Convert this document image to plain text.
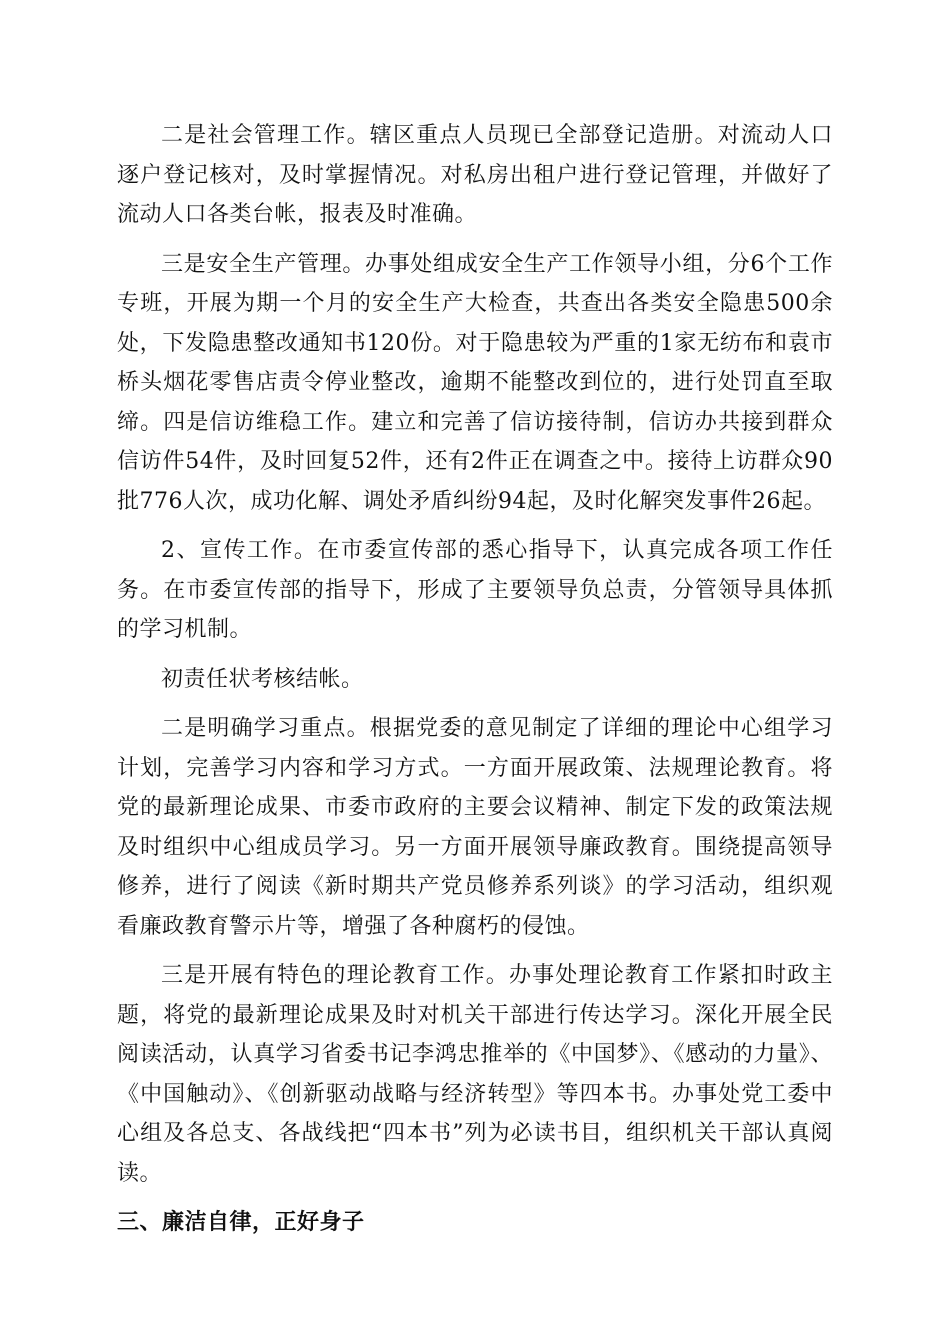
二是社会管理工作。辖区重点人员现已全部登记造册。对流动人口逐户登记核对，及时掌握情况。对私房出租户进行登记管理，并做好了流动人口各类台帐，报表及时准确。

三是安全生产管理。办事处组成安全生产工作领导小组，分6个工作专班，开展为期一个月的安全生产大检查，共查出各类安全隐患500余处，下发隐患整改通知书120份。对于隐患较为严重的1家无纺布和袁市桥头烟花零售店责令停业整改，逾期不能整改到位的，进行处罚直至取缔。四是信访维稳工作。建立和完善了信访接待制，信访办共接到群众信访件54件，及时回复52件，还有2件正在调查之中。接待上访群众90批776人次，成功化解、调处矛盾纠纷94起，及时化解突发事件26起。

2、宣传工作。在市委宣传部的悉心指导下，认真完成各项工作任务。在市委宣传部的指导下，形成了主要领导负总责，分管领导具体抓的学习机制。

初责任状考核结帐。

二是明确学习重点。根据党委的意见制定了详细的理论中心组学习计划，完善学习内容和学习方式。一方面开展政策、法规理论教育。将党的最新理论成果、市委市政府的主要会议精神、制定下发的政策法规及时组织中心组成员学习。另一方面开展领导廉政教育。围绕提高领导修养，进行了阅读《新时期共产党员修养系列谈》的学习活动，组织观看廉政教育警示片等，增强了各种腐朽的侵蚀。

三是开展有特色的理论教育工作。办事处理论教育工作紧扣时政主题，将党的最新理论成果及时对机关干部进行传达学习。深化开展全民阅读活动，认真学习省委书记李鸿忠推举的《中国梦》、《感动的力量》、《中国触动》、《创新驱动战略与经济转型》等四本书。办事处党工委中心组及各总支、各战线把“四本书”列为必读书目，组织机关干部认真阅读。

三、廉洁自律，正好身子
